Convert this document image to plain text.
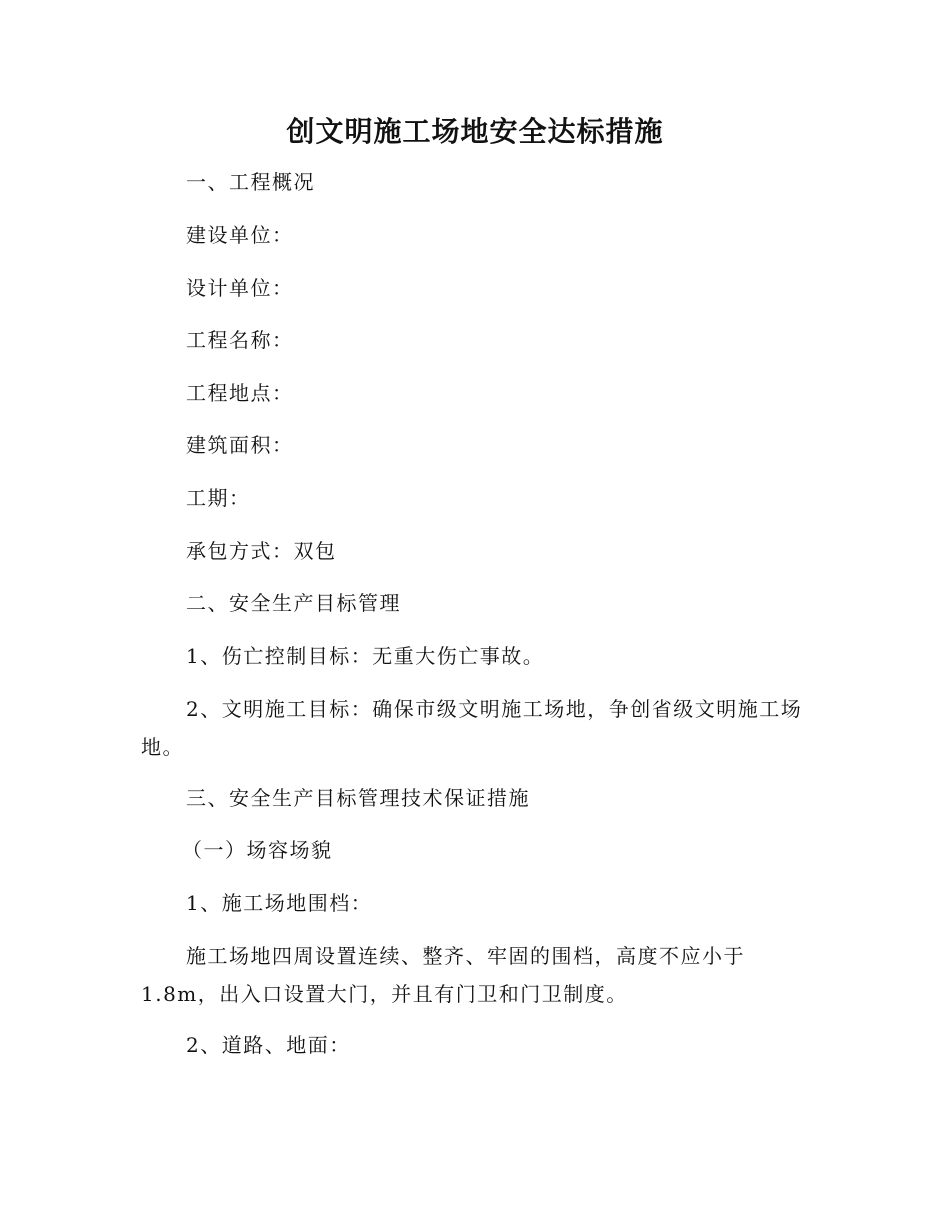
创文明施工场地安全达标措施
一、工程概况
建设单位：
设计单位：
工程名称：
工程地点：
建筑面积：
工期：
承包方式：双包
二、安全生产目标管理
1、伤亡控制目标：无重大伤亡事故。
2、文明施工目标：确保市级文明施工场地，争创省级文明施工场
地。
三、安全生产目标管理技术保证措施
（一）场容场貌
1、施工场地围档：
施工场地四周设置连续、整齐、牢固的围档，高度不应小于
1.8m，出入口设置大门，并且有门卫和门卫制度。
2、道路、地面：
